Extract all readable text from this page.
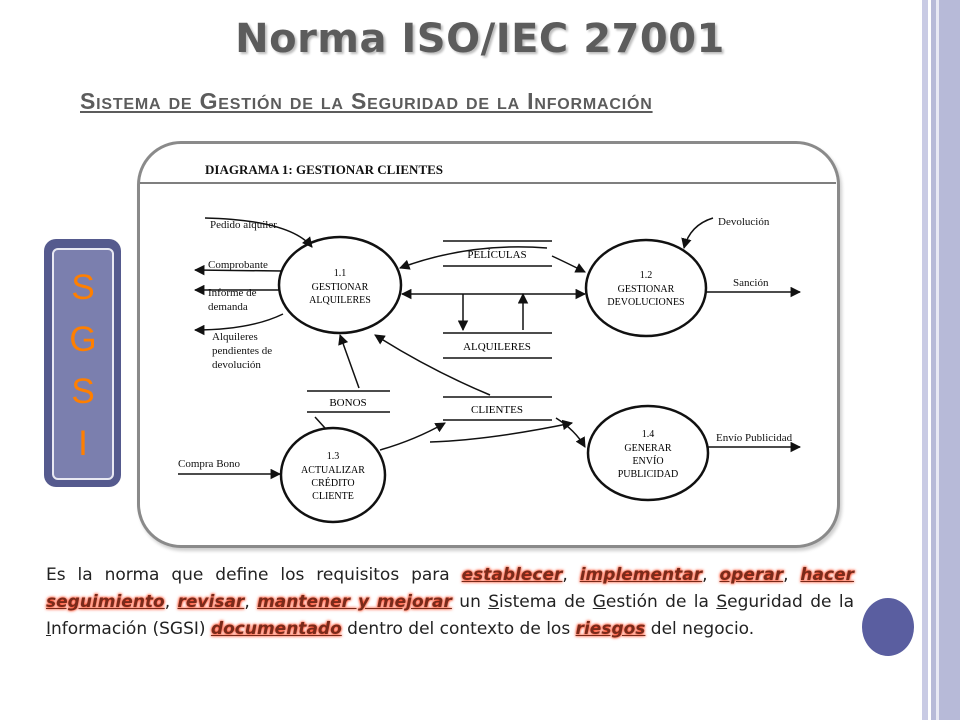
Norma ISO/IEC 27001
Sistema de Gestión de la Seguridad de la Información
S
G
S
I
DIAGRAMA 1: GESTIONAR CLIENTES
1.1
GESTIONAR
ALQUILERES
1.2
GESTIONAR
DEVOLUCIONES
1.3
ACTUALIZAR
CRÉDITO
CLIENTE
1.4
GENERAR
ENVÍO
PUBLICIDAD
PELÍCULAS
ALQUILERES
BONOS
CLIENTES
Pedido alquiler
Comprobante
Informe de
demanda
Alquileres
pendientes de
devolución
Devolución
Sanción
Compra Bono
Envío Publicidad
Es la norma que define los requisitos para establecer, implementar, operar, hacer seguimiento, revisar, mantener y mejorar un Sistema de Gestión de la Seguridad de la Información (SGSI) documentado dentro del contexto de los riesgos del negocio.
